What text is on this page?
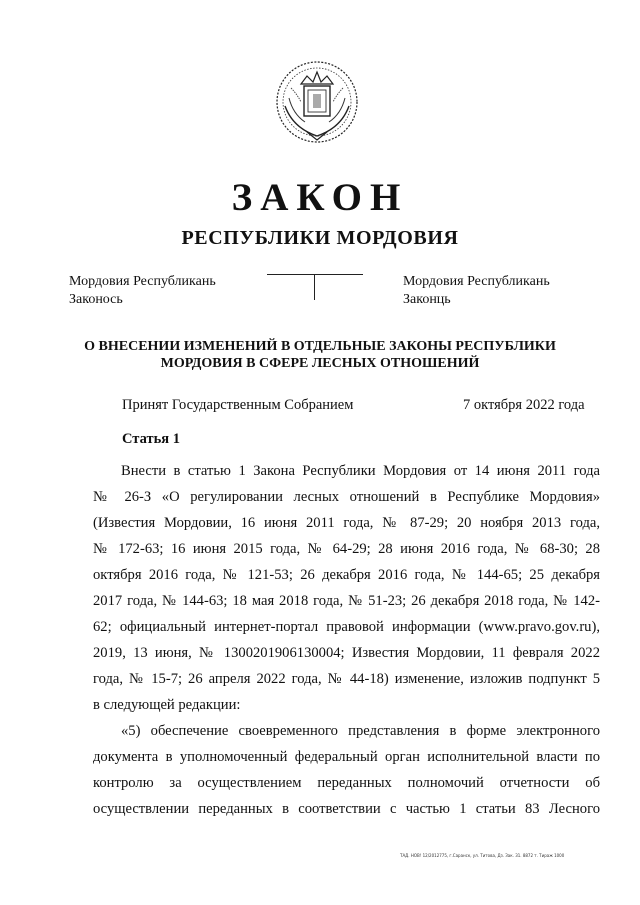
ЗАКОН
РЕСПУБЛИКИ МОРДОВИЯ
Мордовия Республикань
Законось
Мордовия Республикань
Законць
О ВНЕСЕНИИ ИЗМЕНЕНИЙ В ОТДЕЛЬНЫЕ ЗАКОНЫ РЕСПУБЛИКИ
МОРДОВИЯ В СФЕРЕ ЛЕСНЫХ ОТНОШЕНИЙ
Принят Государственным Собранием	7 октября 2022 года
Статья 1
Внести в статью 1 Закона Республики Мордовия от 14 июня 2011 года
№ 26-З «О регулировании лесных отношений в Республике Мордовия»
(Известия Мордовии, 16 июня 2011 года, № 87-29; 20 ноября 2013 года,
№ 172-63; 16 июня 2015 года, № 64-29; 28 июня 2016 года, № 68-30; 28
октября 2016 года, № 121-53; 26 декабря 2016 года, № 144-65; 25 декабря
2017 года, № 144-63; 18 мая 2018 года, № 51-23; 26 декабря 2018 года, № 142-
62; официальный интернет-портал правовой информации (www.pravo.gov.ru),
2019, 13 июня, № 1300201906130004; Известия Мордовии, 11 февраля 2022
года, № 15-7; 26 апреля 2022 года, № 44-18) изменение, изложив подпункт 5
в следующей редакции:
«5) обеспечение своевременного представления в форме электронного
документа в уполномоченный федеральный орган исполнительной власти по
контролю за осуществлением переданных полномочий отчетности об
осуществлении переданных в соответствии с частью 1 статьи 83 Лесного
ТАД. НОВ! 12/2012775, г.Саранск, ул. Титова, Дз. Зак. 31. 8872 т. Тираж 1000
